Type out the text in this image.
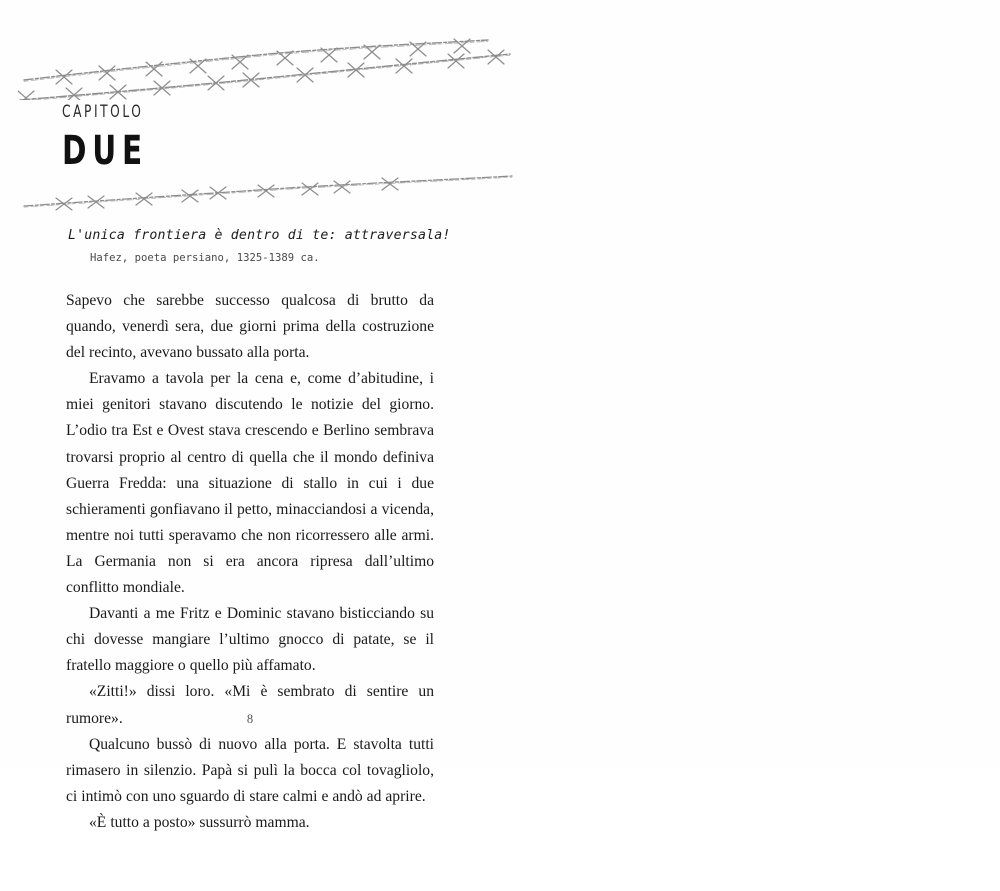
CAPITOLO
DUE
L'unica frontiera è dentro di te: attraversala!
Hafez, poeta persiano, 1325-1389 ca.

Sapevo che sarebbe successo qualcosa di brutto da quando, venerdì sera, due giorni prima della costruzione del recinto, avevano bussato alla porta.

Eravamo a tavola per la cena e, come d’abitudine, i miei genitori stavano discutendo le notizie del giorno. L’odio tra Est e Ovest stava crescendo e Berlino sembrava trovarsi proprio al centro di quella che il mondo definiva Guerra Fredda: una situazione di stallo in cui i due schieramenti gonfiavano il petto, minacciandosi a vicenda, mentre noi tutti speravamo che non ricorressero alle armi. La Germania non si era ancora ripresa dall’ultimo conflitto mondiale.

Davanti a me Fritz e Dominic stavano bisticciando su chi dovesse mangiare l’ultimo gnocco di patate, se il fratello maggiore o quello più affamato.

«Zitti!» dissi loro. «Mi è sembrato di sentire un rumore».

Qualcuno bussò di nuovo alla porta. E stavolta tutti rimasero in silenzio. Papà si pulì la bocca col tovagliolo, ci intimò con uno sguardo di stare calmi e andò ad aprire.

«È tutto a posto» sussurrò mamma.

8
